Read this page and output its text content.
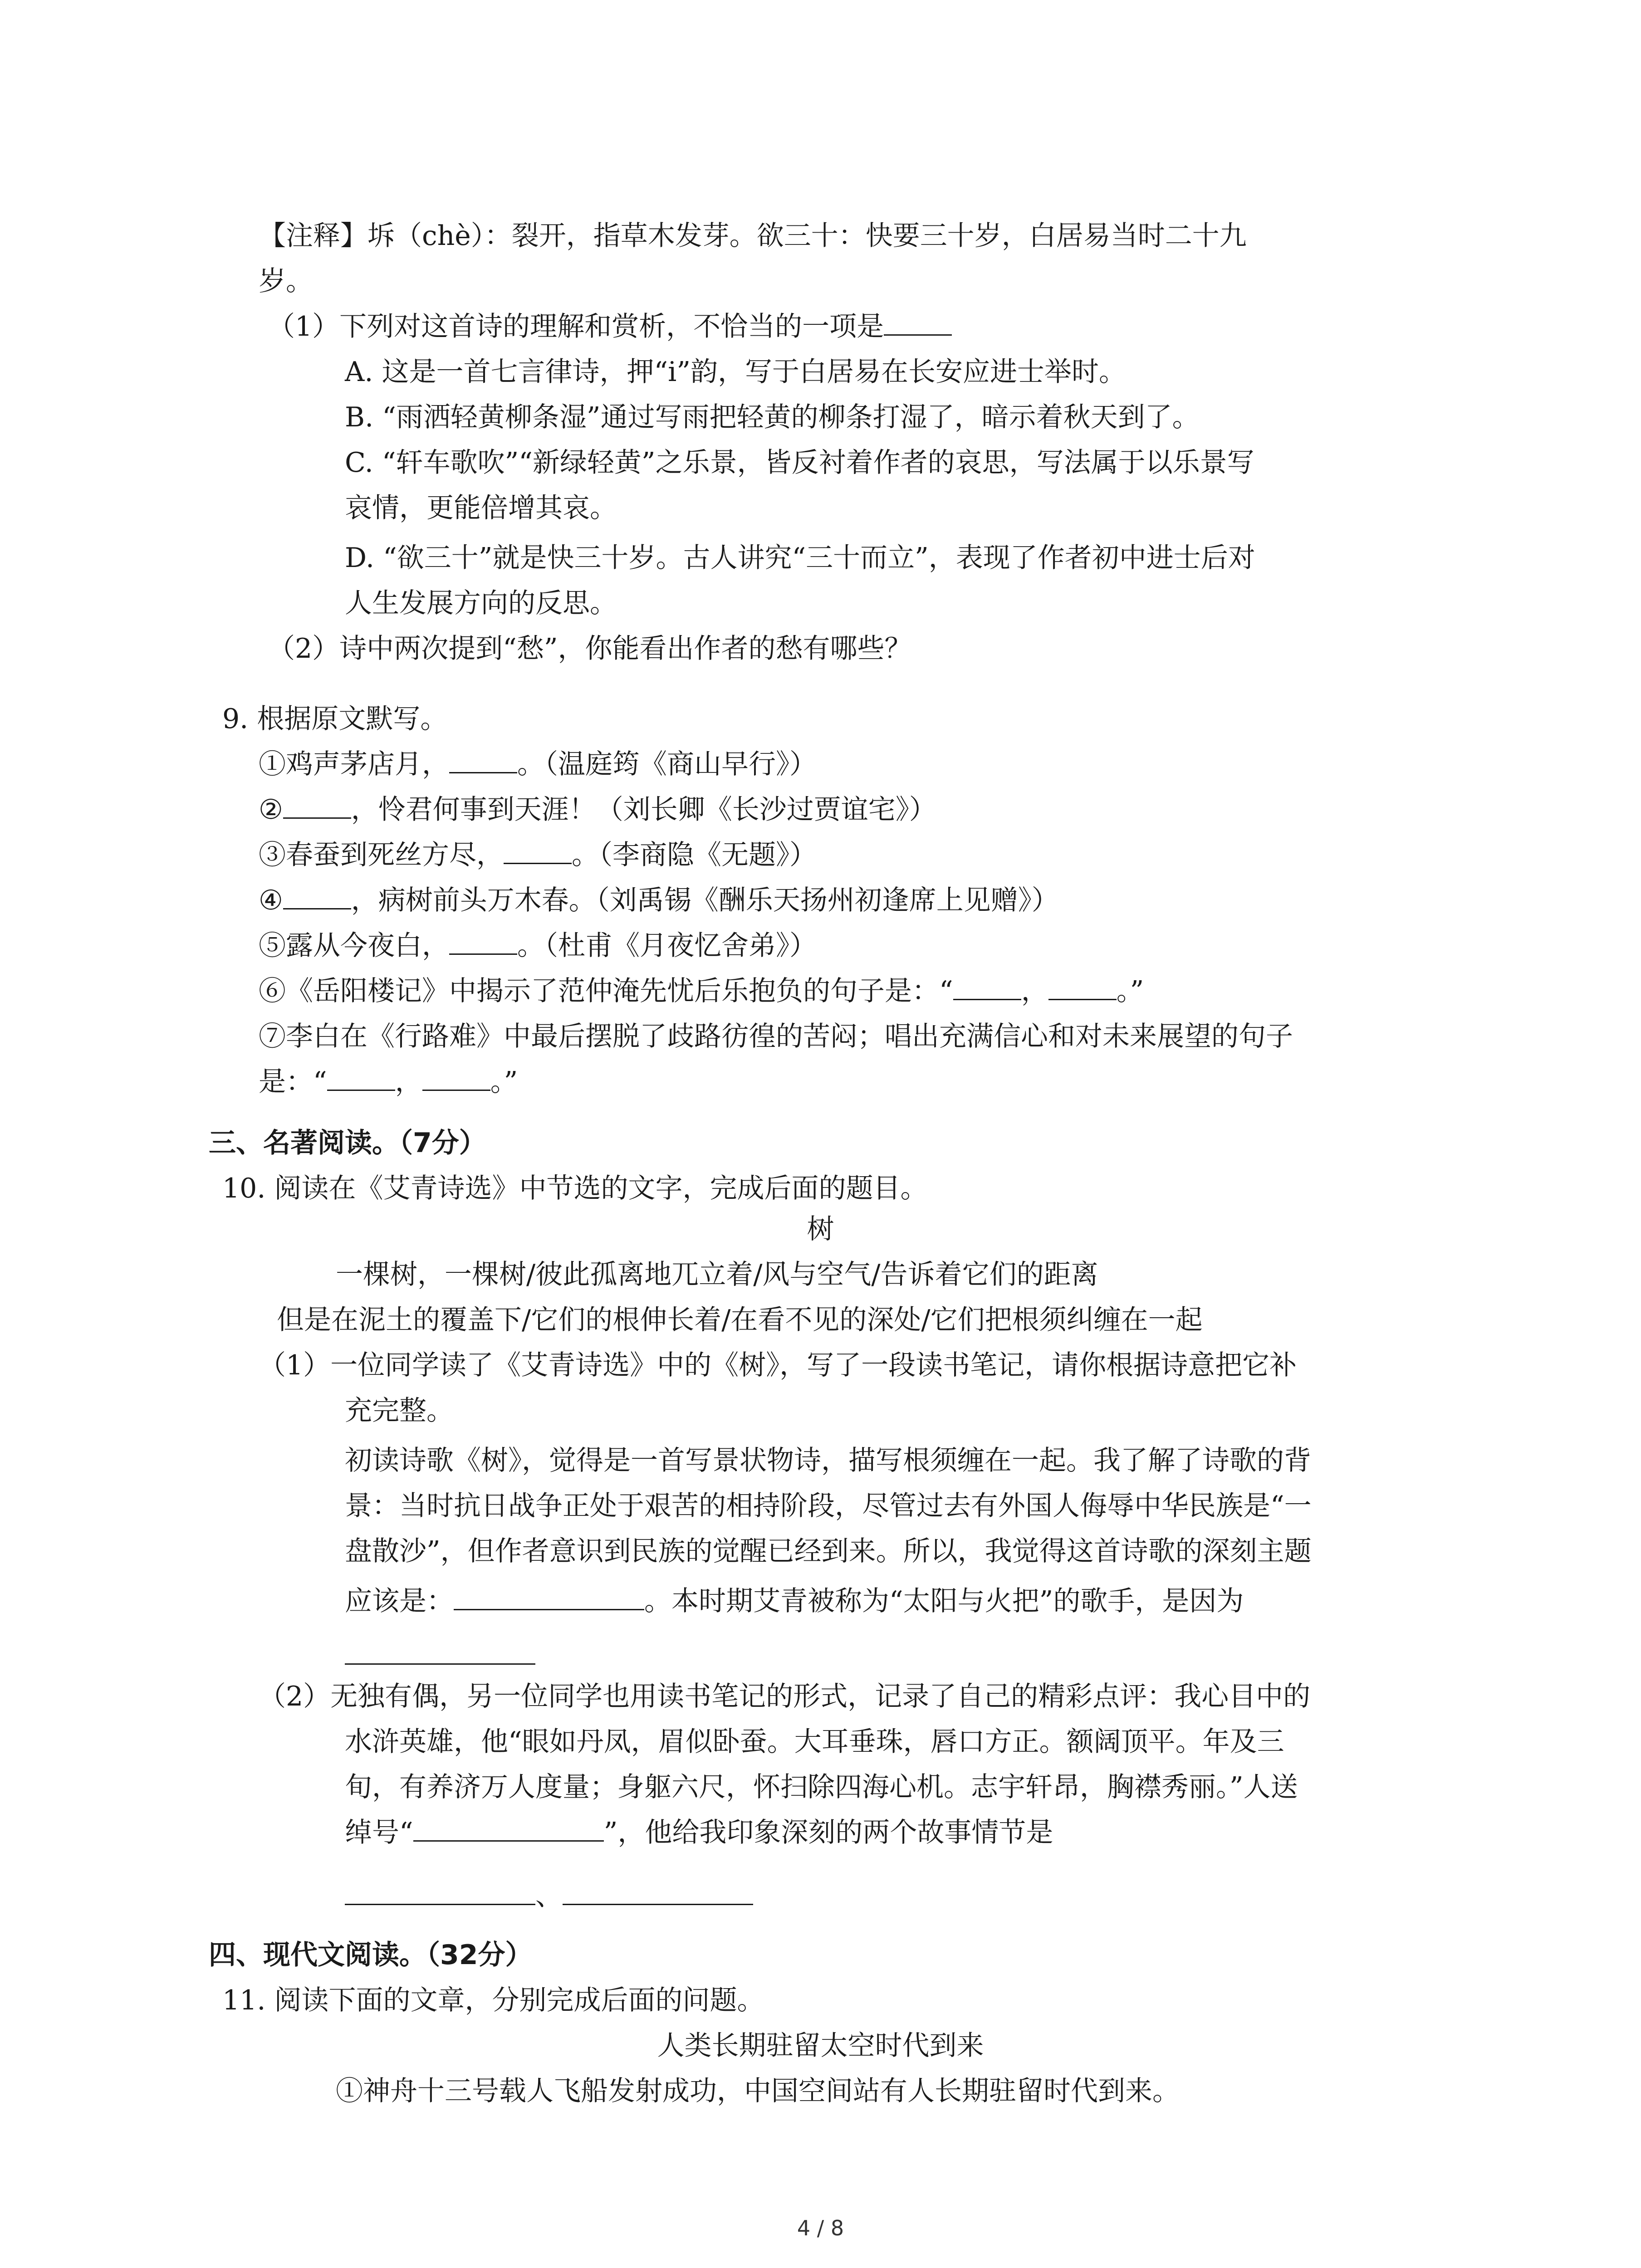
【注释】坼（chè）：裂开，指草木发芽。欲三十：快要三十岁，白居易当时二十九
岁。
（1）下列对这首诗的理解和赏析，不恰当的一项是
A. 这是一首七言律诗，押“i”韵，写于白居易在长安应进士举时。
B. “雨洒轻黄柳条湿”通过写雨把轻黄的柳条打湿了，暗示着秋天到了。
C. “轩车歌吹”“新绿轻黄”之乐景，皆反衬着作者的哀思，写法属于以乐景写
哀情，更能倍增其哀。
D. “欲三十”就是快三十岁。古人讲究“三十而立”，表现了作者初中进士后对
人生发展方向的反思。
（2）诗中两次提到“愁”，你能看出作者的愁有哪些？
9. 根据原文默写。
①鸡声茅店月，	。（温庭筠《商山早行》）
②	，怜君何事到天涯！（刘长卿《长沙过贾谊宅》）
③春蚕到死丝方尽，	。（李商隐《无题》）
④	，病树前头万木春。（刘禹锡《酬乐天扬州初逢席上见赠》）
⑤露从今夜白，	。（杜甫《月夜忆舍弟》）
⑥《岳阳楼记》中揭示了范仲淹先忧后乐抱负的句子是：“	，	。”
⑦李白在《行路难》中最后摆脱了歧路彷徨的苦闷；唱出充满信心和对未来展望的句子
是：“	，	。”
三、名著阅读。（7分）
10. 阅读在《艾青诗选》中节选的文字，完成后面的题目。
树
一棵树，一棵树/彼此孤离地兀立着/风与空气/告诉着它们的距离
但是在泥土的覆盖下/它们的根伸长着/在看不见的深处/它们把根须纠缠在一起
（1）一位同学读了《艾青诗选》中的《树》，写了一段读书笔记，请你根据诗意把它补
充完整。
初读诗歌《树》，觉得是一首写景状物诗，描写根须缠在一起。我了解了诗歌的背
景：当时抗日战争正处于艰苦的相持阶段，尽管过去有外国人侮辱中华民族是“一
盘散沙”，但作者意识到民族的觉醒已经到来。所以，我觉得这首诗歌的深刻主题
应该是：	。本时期艾青被称为“太阳与火把”的歌手，是因为
（2）无独有偶，另一位同学也用读书笔记的形式，记录了自己的精彩点评：我心目中的
水浒英雄，他“眼如丹凤，眉似卧蚕。大耳垂珠，唇口方正。额阔顶平。年及三
旬，有养济万人度量；身躯六尺，怀扫除四海心机。志宇轩昂，胸襟秀丽。”人送
绰号“	”，他给我印象深刻的两个故事情节是
、
四、现代文阅读。（32分）
11. 阅读下面的文章，分别完成后面的问题。
人类长期驻留太空时代到来
①神舟十三号载人飞船发射成功，中国空间站有人长期驻留时代到来。
4 / 8
